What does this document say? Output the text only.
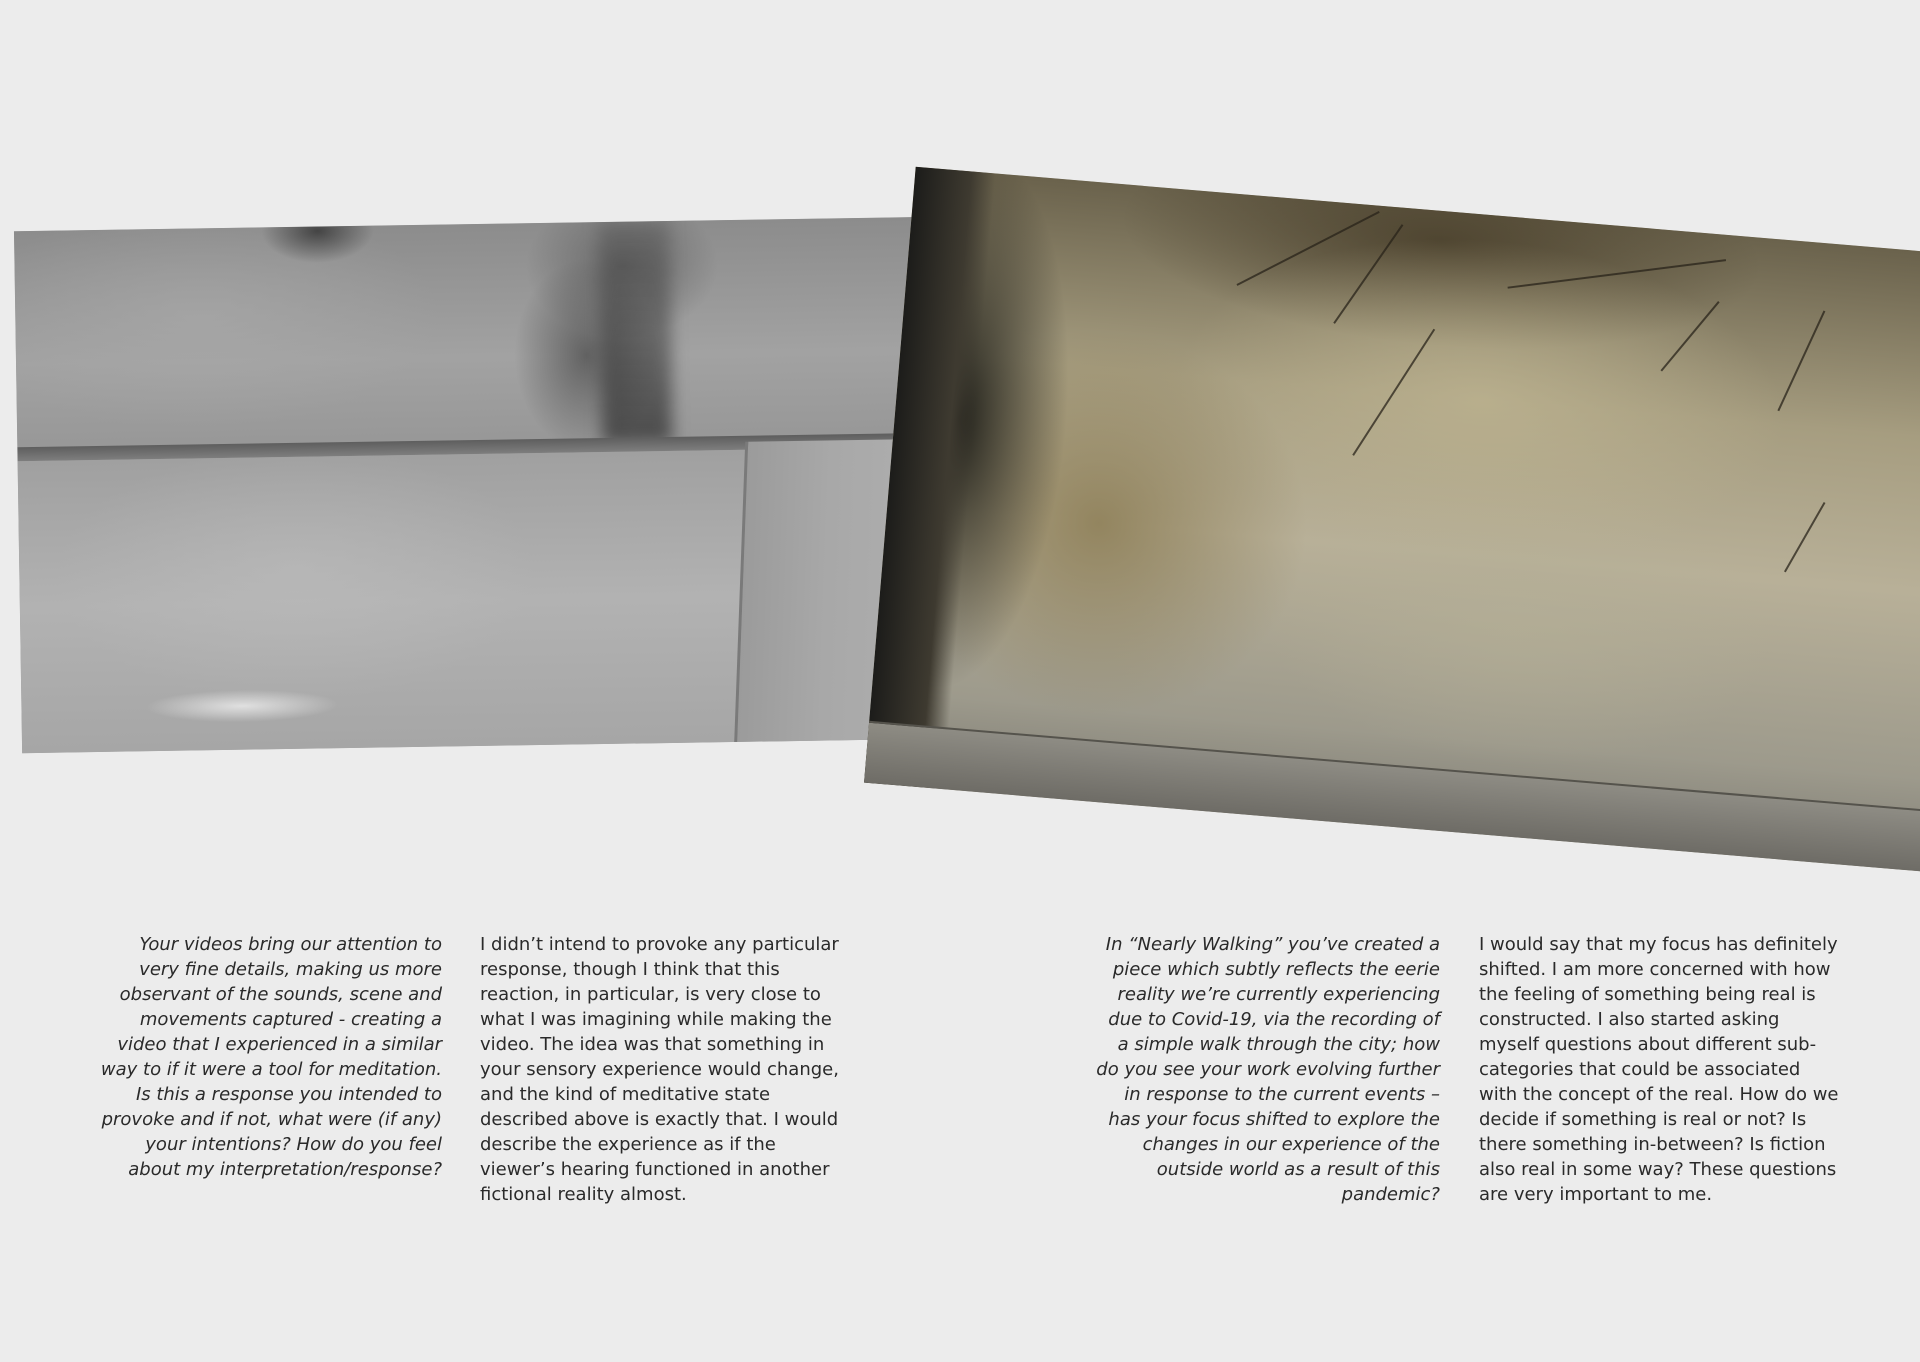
Your videos bring our attention to very fine details, making us more observant of the sounds, scene and movements captured - creating a video that I experienced in a similar way to if it were a tool for meditation. Is this a response you intended to provoke and if not, what were (if any) your intentions? How do you feel about my interpretation/response?

I didn’t intend to provoke any particular response, though I think that this reaction, in particular, is very close to what I was imagining while making the video. The idea was that something in your sensory experience would change, and the kind of meditative state described above is exactly that. I would describe the experience as if the viewer’s hearing functioned in another fictional reality almost.

In “Nearly Walking” you’ve created a piece which subtly reflects the eerie reality we’re currently experiencing due to Covid-19, via the recording of a simple walk through the city; how do you see your work evolving further in response to the current events – has your focus shifted to explore the changes in our experience of the outside world as a result of this pandemic?

I would say that my focus has definitely shifted. I am more concerned with how the feeling of something being real is constructed. I also started asking myself questions about different sub-categories that could be associated with the concept of the real. How do we decide if something is real or not? Is there something in-between? Is fiction also real in some way? These questions are very important to me.
